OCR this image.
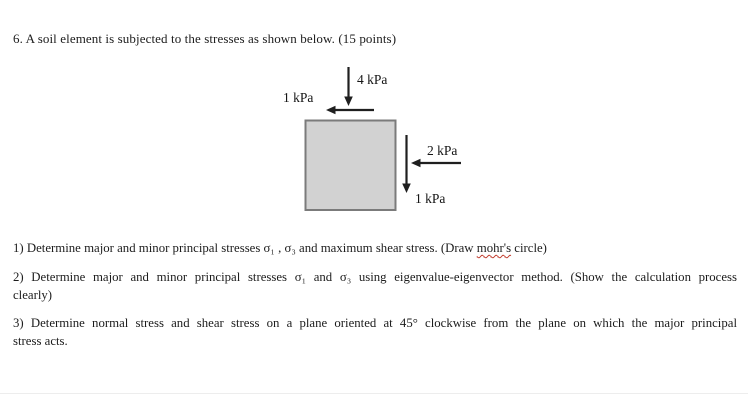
6. A soil element is subjected to the stresses as shown below. (15 points)
4 kPa
1 kPa
2 kPa
1 kPa
1) Determine major and minor principal stresses σ₁ , σ₃ and maximum shear stress. (Draw mohr's circle)
2) Determine major and minor principal stresses σ₁ and σ₃ using eigenvalue-eigenvector method. (Show the calculation process
clearly)
3) Determine normal stress and shear stress on a plane oriented at 45° clockwise from the plane on which the major principal
stress acts.
